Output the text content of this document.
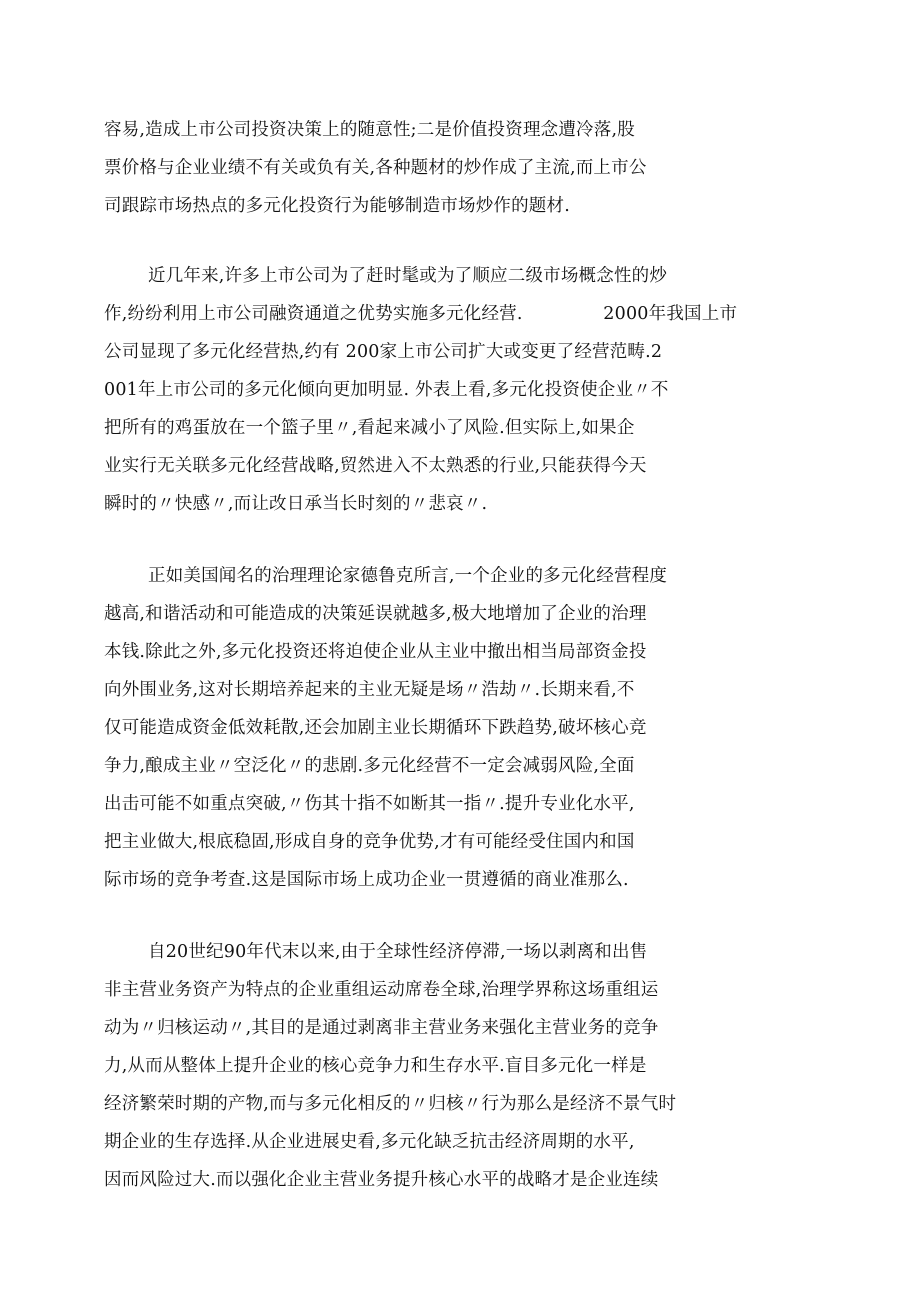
容易,造成上市公司投资决策上的随意性;二是价值投资理念遭冷落,股
票价格与企业业绩不有关或负有关,各种题材的炒作成了主流,而上市公
司跟踪市场热点的多元化投资行为能够制造市场炒作的题材.
近几年来,许多上市公司为了赶时髦或为了顺应二级市场概念性的炒
作,纷纷利用上市公司融资通道之优势实施多元化经营.              2000年我国上市
公司显现了多元化经营热,约有 200家上市公司扩大或变更了经营范畴.2
001年上市公司的多元化倾向更加明显. 外表上看,多元化投资使企业〃不
把所有的鸡蛋放在一个篮子里〃,看起来减小了风险.但实际上,如果企
业实行无关联多元化经营战略,贸然进入不太熟悉的行业,只能获得今天
瞬时的〃快感〃,而让改日承当长时刻的〃悲哀〃.
正如美国闻名的治理理论家德鲁克所言,一个企业的多元化经营程度
越高,和谐活动和可能造成的决策延误就越多,极大地增加了企业的治理
本钱.除此之外,多元化投资还将迫使企业从主业中撤出相当局部资金投
向外围业务,这对长期培养起来的主业无疑是场〃浩劫〃.长期来看,不
仅可能造成资金低效耗散,还会加剧主业长期循环下跌趋势,破坏核心竞
争力,酿成主业〃空泛化〃的悲剧.多元化经营不一定会减弱风险,全面
出击可能不如重点突破,〃伤其十指不如断其一指〃.提升专业化水平,
把主业做大,根底稳固,形成自身的竞争优势,才有可能经受住国内和国
际市场的竞争考查.这是国际市场上成功企业一贯遵循的商业准那么.
自20世纪90年代末以来,由于全球性经济停滞,一场以剥离和出售
非主营业务资产为特点的企业重组运动席卷全球,治理学界称这场重组运
动为〃归核运动〃,其目的是通过剥离非主营业务来强化主营业务的竞争
力,从而从整体上提升企业的核心竞争力和生存水平.盲目多元化一样是
经济繁荣时期的产物,而与多元化相反的〃归核〃行为那么是经济不景气时
期企业的生存选择.从企业进展史看,多元化缺乏抗击经济周期的水平,
因而风险过大.而以强化企业主营业务提升核心水平的战略才是企业连续
